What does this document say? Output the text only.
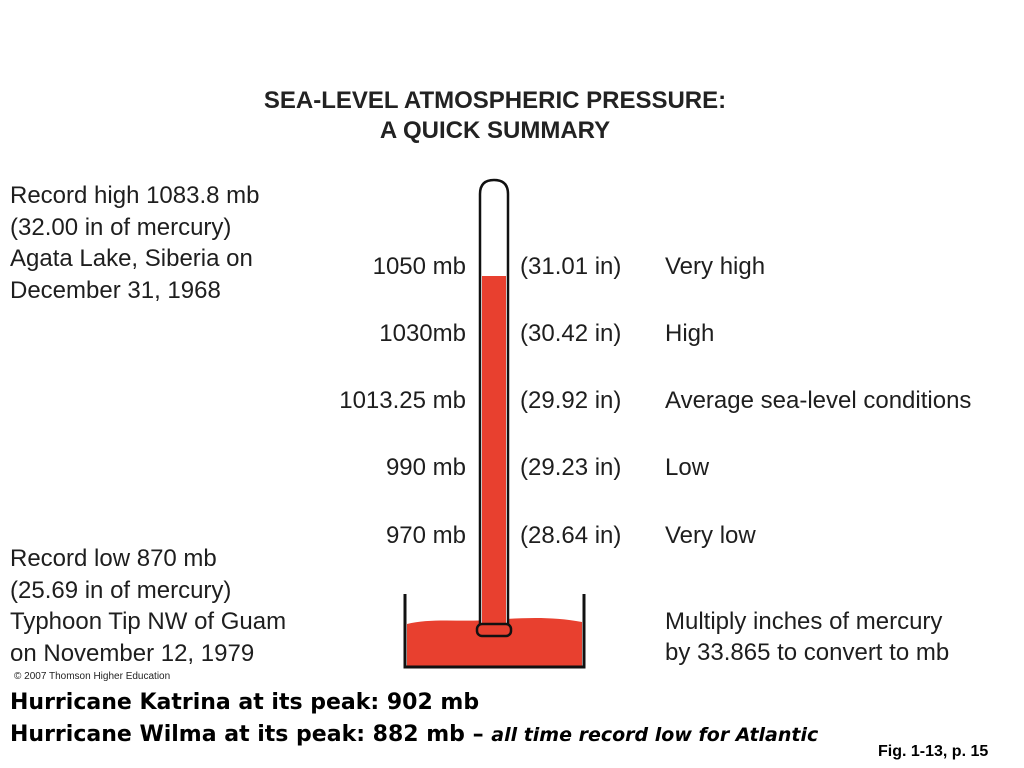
SEA-LEVEL ATMOSPHERIC PRESSURE:
A QUICK SUMMARY
Record high 1083.8 mb
(32.00 in of mercury)
Agata Lake, Siberia on
December 31, 1968
Record low 870 mb
(25.69 in of mercury)
Typhoon Tip NW of Guam
on November 12, 1979
1050 mb (31.01 in) Very high
1030mb (30.42 in) High
1013.25 mb (29.92 in) Average sea-level conditions
990 mb (29.23 in) Low
970 mb (28.64 in) Very low
Multiply inches of mercury
by 33.865 to convert to mb
© 2007 Thomson Higher Education
Hurricane Katrina at its peak: 902 mb
Hurricane Wilma at its peak: 882 mb – all time record low for Atlantic
Fig. 1-13, p. 15
